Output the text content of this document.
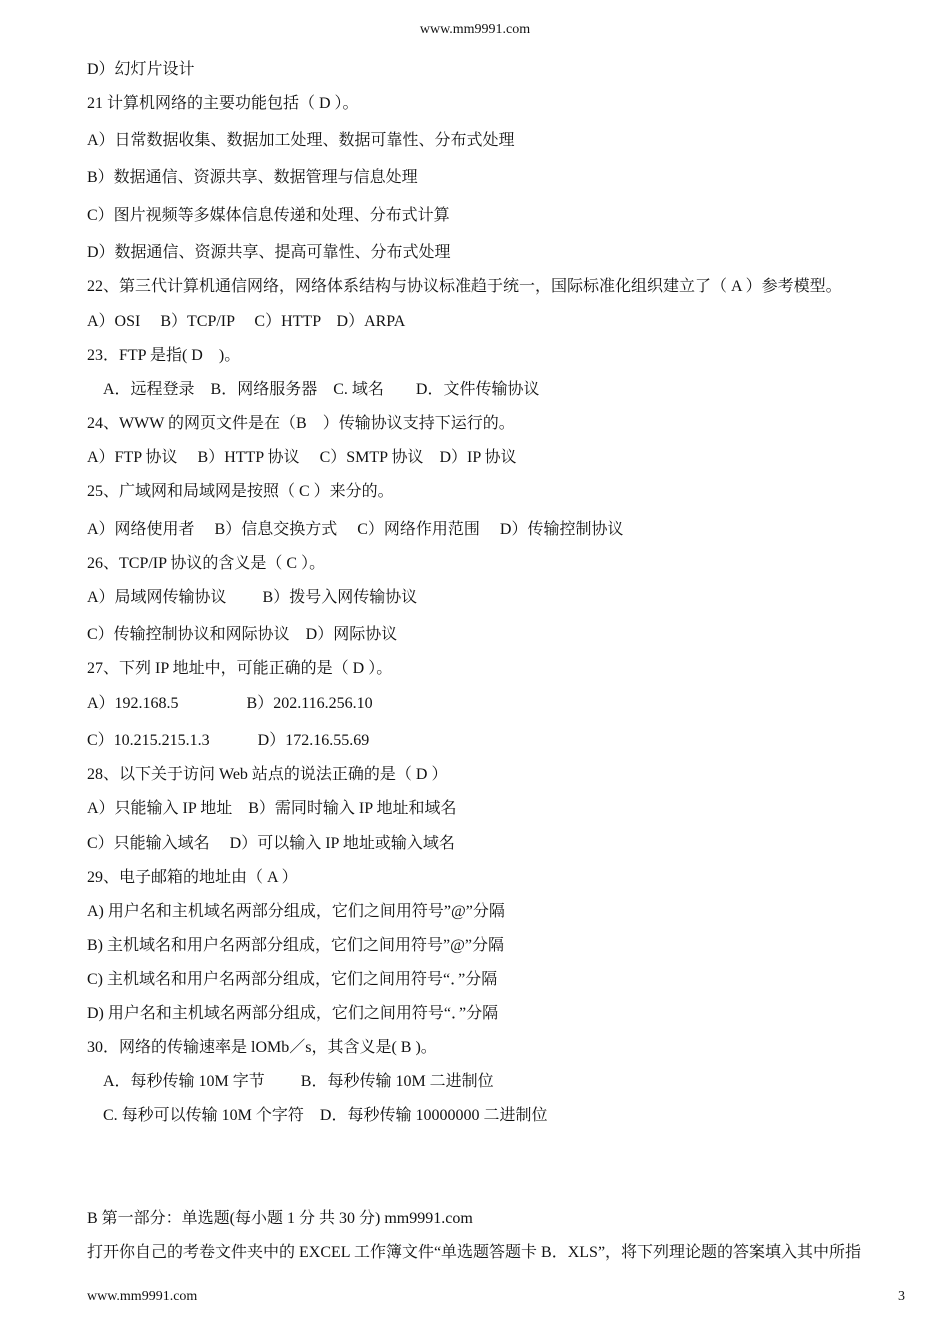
www.mm9991.com
D）幻灯片设计
21 计算机网络的主要功能包括（ D ）。
A）日常数据收集、数据加工处理、数据可靠性、分布式处理
B）数据通信、资源共享、数据管理与信息处理
C）图片视频等多媒体信息传递和处理、分布式计算
D）数据通信、资源共享、提高可靠性、分布式处理
22、第三代计算机通信网络，网络体系结构与协议标准趋于统一，国际标准化组织建立了（ A ）参考模型。
A）OSI　 B）TCP/IP　 C）HTTP　D）ARPA
23．FTP 是指( D　)。
A．远程登录　B．网络服务器　C. 域名　　D．文件传输协议
24、WWW 的网页文件是在（B　）传输协议支持下运行的。
A）FTP 协议　 B）HTTP 协议　 C）SMTP 协议　D）IP 协议
25、广域网和局域网是按照（ C ）来分的。
A）网络使用者　 B）信息交换方式　 C）网络作用范围　 D）传输控制协议
26、TCP/IP 协议的含义是（ C ）。
A）局域网传输协议　　 B）拨号入网传输协议
C）传输控制协议和网际协议　D）网际协议
27、下列 IP 地址中，可能正确的是（ D ）。
A）192.168.5　　　　 B）202.116.256.10
C）10.215.215.1.3　　　D）172.16.55.69
28、以下关于访问 Web 站点的说法正确的是（ D ）
A）只能输入 IP 地址　B）需同时输入 IP 地址和域名
C）只能输入域名　 D）可以输入 IP 地址或输入域名
29、电子邮箱的地址由（ A ）
A) 用户名和主机域名两部分组成，它们之间用符号”@”分隔
B) 主机域名和用户名两部分组成，它们之间用符号”@”分隔
C) 主机域名和用户名两部分组成，它们之间用符号“．”分隔
D) 用户名和主机域名两部分组成，它们之间用符号“．”分隔
30．网络的传输速率是 lOMb／s，其含义是( B )。
A．每秒传输 10M 字节　　 B．每秒传输 10M 二进制位
C. 每秒可以传输 10M 个字符　D．每秒传输 10000000 二进制位
B 第一部分：单选题(每小题 1 分 共 30 分) mm9991.com
打开你自己的考卷文件夹中的 EXCEL 工作簿文件“单选题答题卡 B．XLS”，将下列理论题的答案填入其中所指
www.mm9991.com	3
